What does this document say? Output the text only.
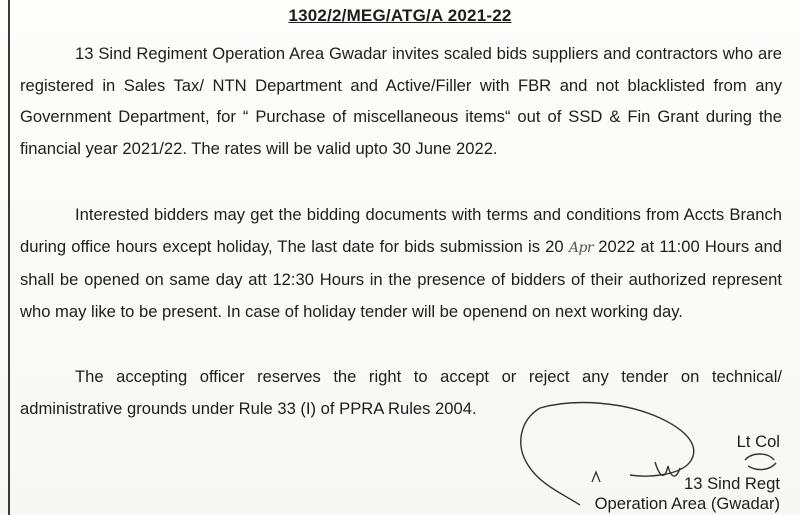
1302/2/MEG/ATG/A 2021-22

13 Sind Regiment Operation Area Gwadar invites scaled bids suppliers and contractors who are registered in Sales Tax/ NTN Department and Active/Filler with FBR and not blacklisted from any Government Department, for “ Purchase of miscellaneous items“ out of SSD & Fin Grant during the financial year 2021/22. The rates will be valid upto 30 June 2022.

Interested bidders may get the bidding documents with terms and conditions from Accts Branch during office hours except holiday, The last date for bids submission is 20 Apr 2022 at 11:00 Hours and shall be opened on same day att 12:30 Hours in the presence of bidders of their authorized represent who may like to be present. In case of holiday tender will be openend on next working day.

The accepting officer reserves the right to accept or reject any tender on technical/ administrative grounds under Rule 33 (I) of PPRA Rules 2004.

Lt Col
13 Sind Regt
Operation Area (Gwadar)
